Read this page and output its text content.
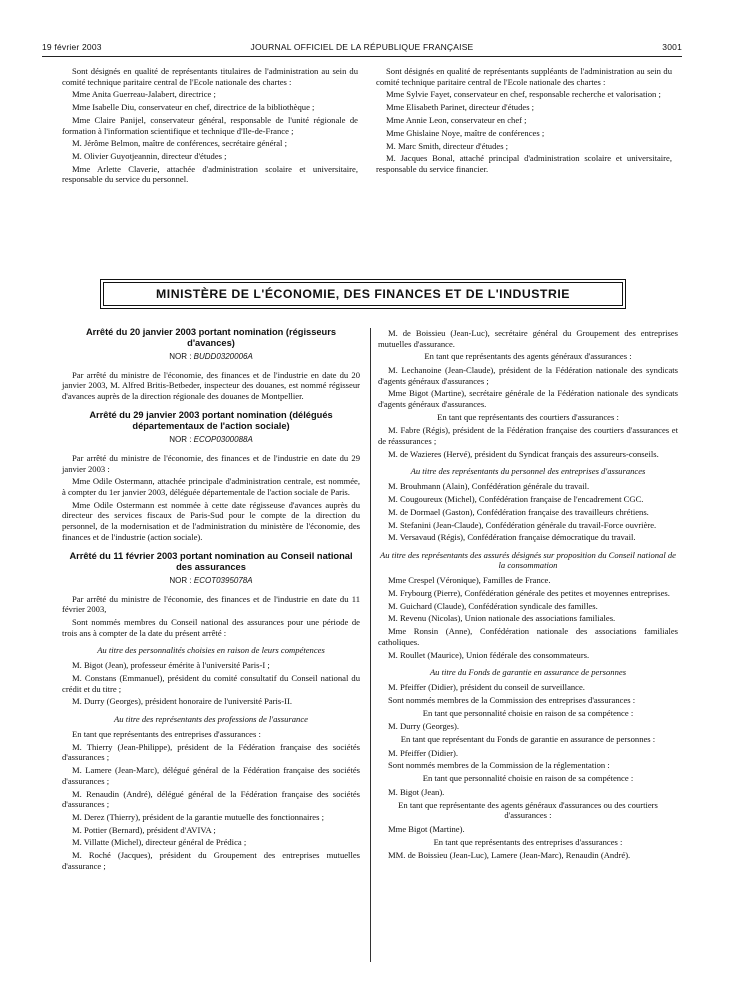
19 février 2003	JOURNAL OFFICIEL DE LA RÉPUBLIQUE FRANÇAISE	3001

Sont désignés en qualité de représentants titulaires de l'administration au sein du comité technique paritaire central de l'Ecole nationale des chartes :

Mme Anita Guerreau-Jalabert, directrice ;

Mme Isabelle Diu, conservateur en chef, directrice de la bibliothèque ;

Mme Claire Panijel, conservateur général, responsable de l'unité régionale de formation à l'information scientifique et technique d'Ile-de-France ;

M. Jérôme Belmon, maître de conférences, secrétaire général ;

M. Olivier Guyotjeannin, directeur d'études ;

Mme Arlette Claverie, attachée d'administration scolaire et universitaire, responsable du service du personnel.

Sont désignés en qualité de représentants suppléants de l'administration au sein du comité technique paritaire central de l'Ecole nationale des chartes :

Mme Sylvie Fayet, conservateur en chef, responsable recherche et valorisation ;

Mme Elisabeth Parinet, directeur d'études ;

Mme Annie Leon, conservateur en chef ;

Mme Ghislaine Noye, maître de conférences ;

M. Marc Smith, directeur d'études ;

M. Jacques Bonal, attaché principal d'administration scolaire et universitaire, responsable du service financier.

MINISTÈRE DE L'ÉCONOMIE, DES FINANCES ET DE L'INDUSTRIE
Arrêté du 20 janvier 2003 portant nomination (régisseurs d'avances)
NOR : BUDD0320006A

Par arrêté du ministre de l'économie, des finances et de l'industrie en date du 20 janvier 2003, M. Alfred Britis-Betbeder, inspecteur des douanes, est nommé régisseur d'avances auprès de la direction régionale des douanes de Montpellier.

Arrêté du 29 janvier 2003 portant nomination (délégués départementaux de l'action sociale)
NOR : ECOP0300088A

Par arrêté du ministre de l'économie, des finances et de l'industrie en date du 29 janvier 2003 :

Mme Odile Ostermann, attachée principale d'administration centrale, est nommée, à compter du 1er janvier 2003, déléguée départementale de l'action sociale de Paris.

Mme Odile Ostermann est nommée à cette date régisseuse d'avances auprès du directeur des services fiscaux de Paris-Sud pour le compte de la direction du personnel, de la modernisation et de l'administration du ministère de l'économie, des finances et de l'industrie (action sociale).

Arrêté du 11 février 2003 portant nomination au Conseil national des assurances
NOR : ECOT0395078A

Par arrêté du ministre de l'économie, des finances et de l'industrie en date du 11 février 2003,

Sont nommés membres du Conseil national des assurances pour une période de trois ans à compter de la date du présent arrêté :

Au titre des personnalités choisies en raison de leurs compétences

M. Bigot (Jean), professeur émérite à l'université Paris-I ;

M. Constans (Emmanuel), président du comité consultatif du Conseil national du crédit et du titre ;

M. Durry (Georges), président honoraire de l'université Paris-II.

Au titre des représentants des professions de l'assurance

En tant que représentants des entreprises d'assurances :

M. Thierry (Jean-Philippe), président de la Fédération française des sociétés d'assurances ;

M. Lamere (Jean-Marc), délégué général de la Fédération française des sociétés d'assurances ;

M. Renaudin (André), délégué général de la Fédération française des sociétés d'assurances ;

M. Derez (Thierry), président de la garantie mutuelle des fonctionnaires ;

M. Pottier (Bernard), président d'AVIVA ;

M. Villatte (Michel), directeur général de Prédica ;

M. Roché (Jacques), président du Groupement des entreprises mutuelles d'assurance ;

M. de Boissieu (Jean-Luc), secrétaire général du Groupement des entreprises mutuelles d'assurance.

En tant que représentants des agents généraux d'assurances :

M. Lechanoine (Jean-Claude), président de la Fédération nationale des syndicats d'agents généraux d'assurances ;

Mme Bigot (Martine), secrétaire générale de la Fédération nationale des syndicats d'agents généraux d'assurances.

En tant que représentants des courtiers d'assurances :

M. Fabre (Régis), président de la Fédération française des courtiers d'assurances et de réassurances ;

M. de Wazieres (Hervé), président du Syndicat français des assureurs-conseils.

Au titre des représentants du personnel des entreprises d'assurances

M. Brouhmann (Alain), Confédération générale du travail.

M. Cougoureux (Michel), Confédération française de l'encadrement CGC.

M. de Dormael (Gaston), Confédération française des travailleurs chrétiens.

M. Stefanini (Jean-Claude), Confédération générale du travail-Force ouvrière.

M. Versavaud (Régis), Confédération française démocratique du travail.

Au titre des représentants des assurés désignés sur proposition du Conseil national de la consommation

Mme Crespel (Véronique), Familles de France.

M. Frybourg (Pierre), Confédération générale des petites et moyennes entreprises.

M. Guichard (Claude), Confédération syndicale des familles.

M. Revenu (Nicolas), Union nationale des associations familiales.

Mme Ronsin (Anne), Confédération nationale des associations familiales catholiques.

M. Roullet (Maurice), Union fédérale des consommateurs.

Au titre du Fonds de garantie en assurance de personnes

M. Pfeiffer (Didier), président du conseil de surveillance.

Sont nommés membres de la Commission des entreprises d'assurances :

En tant que personnalité choisie en raison de sa compétence :

M. Durry (Georges).

En tant que représentant du Fonds de garantie en assurance de personnes :

M. Pfeiffer (Didier).

Sont nommés membres de la Commission de la réglementation :

En tant que personnalité choisie en raison de sa compétence :

M. Bigot (Jean).

En tant que représentante des agents généraux d'assurances ou des courtiers d'assurances :

Mme Bigot (Martine).

En tant que représentants des entreprises d'assurances :

MM. de Boissieu (Jean-Luc), Lamere (Jean-Marc), Renaudin (André).
